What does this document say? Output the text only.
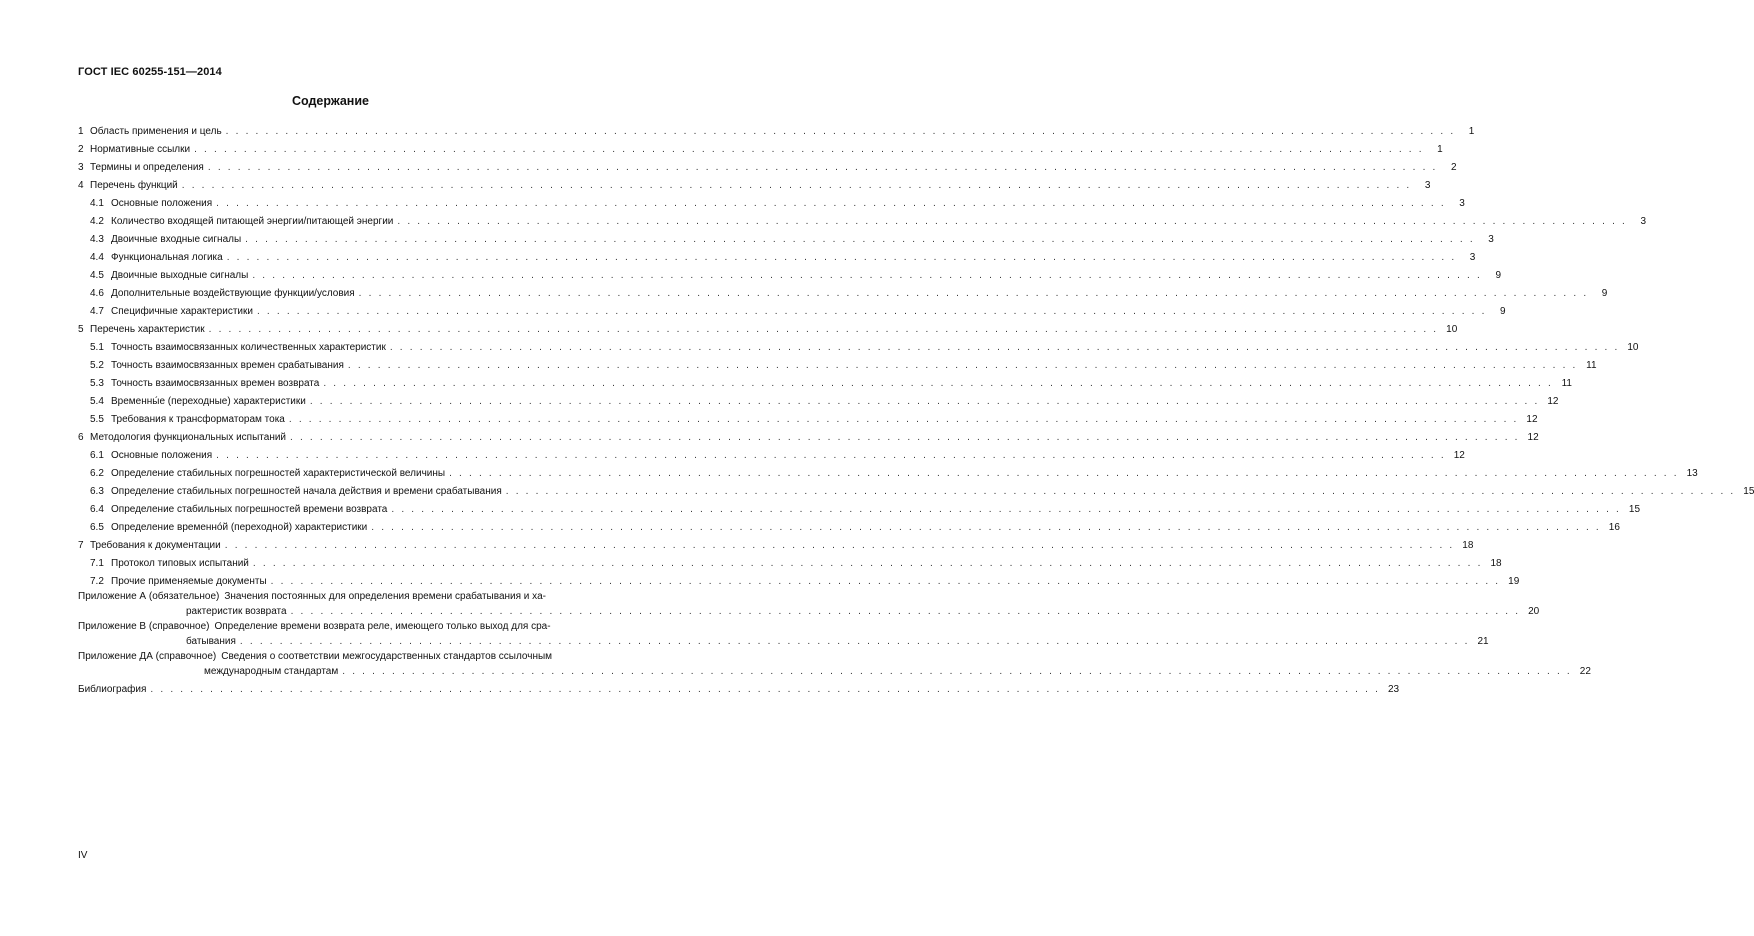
ГОСТ IEC 60255-151—2014
Содержание
1 Область применения и цель . . . . . . . . . . . . . . . . . . . . . . . . . . . . . . . . . . . . . . . . . . . . . . . . . . . . . . . . . . . . . . . . . . . . . . . . . . . . . . . . . . . . . . . . . . . . . . . . . . . . . . . . . . . . . . . . . . . . . . . . . . . .	1
2 Нормативные ссылки . . . . . . . . . . . . . . . . . . . . . . . . . . . . . . . . . . . . . . . . . . . . . . . . . . . . . . . . . . . . . . . . . . . . . . . . . . . . . . . . . . . . . . . . . . . . . . . . . . . . . . . . . . . . . . . . . . . . . . . . . . . .	1
3 Термины и определения . . . . . . . . . . . . . . . . . . . . . . . . . . . . . . . . . . . . . . . . . . . . . . . . . . . . . . . . . . . . . . . . . . . . . . . . . . . . . . . . . . . . . . . . . . . . . . . . . . . . . . . . . . . . . . . . . . . . . . . . . . . .	2
4 Перечень функций . . . . . . . . . . . . . . . . . . . . . . . . . . . . . . . . . . . . . . . . . . . . . . . . . . . . . . . . . . . . . . . . . . . . . . . . . . . . . . . . . . . . . . . . . . . . . . . . . . . . . . . . . . . . . . . . . . . . . . . . . . . .	3
4.1 Основные положения . . . . . . . . . . . . . . . . . . . . . . . . . . . . . . . . . . . . . . . . . . . . . . . . . . . . . . . . . . . . . . . . . . . . . . . . . . . . . . . . . . . . . . . . . . . . . . . . . . . . . . . . . . . . . . . . . . . . . . . . . . . .	3
4.2 Количество входящей питающей энергии/питающей энергии . . . . . . . . . . . . . . . . . . . . . . . . . . . . . . . . . . . . . . . . . . . . . . . . . . . . . . . . . . . . . . . . . . . . . . . . . . . . . . . . . . . . . . . . . . . . . . . . . . . . . . . . . . . . . . . . . . . . . . . . . . . .	3
4.3 Двоичные входные сигналы . . . . . . . . . . . . . . . . . . . . . . . . . . . . . . . . . . . . . . . . . . . . . . . . . . . . . . . . . . . . . . . . . . . . . . . . . . . . . . . . . . . . . . . . . . . . . . . . . . . . . . . . . . . . . . . . . . . . . . . . . . . .	3
4.4 Функциональная логика . . . . . . . . . . . . . . . . . . . . . . . . . . . . . . . . . . . . . . . . . . . . . . . . . . . . . . . . . . . . . . . . . . . . . . . . . . . . . . . . . . . . . . . . . . . . . . . . . . . . . . . . . . . . . . . . . . . . . . . . . . . .	3
4.5 Двоичные выходные сигналы . . . . . . . . . . . . . . . . . . . . . . . . . . . . . . . . . . . . . . . . . . . . . . . . . . . . . . . . . . . . . . . . . . . . . . . . . . . . . . . . . . . . . . . . . . . . . . . . . . . . . . . . . . . . . . . . . . . . . . . . . . . .	9
4.6 Дополнительные воздействующие функции/условия . . . . . . . . . . . . . . . . . . . . . . . . . . . . . . . . . . . . . . . . . . . . . . . . . . . . . . . . . . . . . . . . . . . . . . . . . . . . . . . . . . . . . . . . . . . . . . . . . . . . . . . . . . . . . . . . . . . . . . . . . . . .	9
4.7 Специфичные характеристики . . . . . . . . . . . . . . . . . . . . . . . . . . . . . . . . . . . . . . . . . . . . . . . . . . . . . . . . . . . . . . . . . . . . . . . . . . . . . . . . . . . . . . . . . . . . . . . . . . . . . . . . . . . . . . . . . . . . . . . . . . . .	9
5 Перечень характеристик . . . . . . . . . . . . . . . . . . . . . . . . . . . . . . . . . . . . . . . . . . . . . . . . . . . . . . . . . . . . . . . . . . . . . . . . . . . . . . . . . . . . . . . . . . . . . . . . . . . . . . . . . . . . . . . . . . . . . . . . . . . . 10
5.1 Точность взаимосвязанных количественных характеристик . . . . . . . . . . . . . . . . . . . . . . . . . . . . . . . . . . . . . . . . . . . . . . . . . . . . . . . . . . . . . . . . . . . . . . . . . . . . . . . . . . . . . . . . . . . . . . . . . . . . . . . . . . . . . . . . . . . . . . . . . . . . 10
5.2 Точность взаимосвязанных времен срабатывания . . . . . . . . . . . . . . . . . . . . . . . . . . . . . . . . . . . . . . . . . . . . . . . . . . . . . . . . . . . . . . . . . . . . . . . . . . . . . . . . . . . . . . . . . . . . . . . . . . . . . . . . . . . . . . . . . . . . . . . . . . . . 11
5.3 Точность взаимосвязанных времен возврата . . . . . . . . . . . . . . . . . . . . . . . . . . . . . . . . . . . . . . . . . . . . . . . . . . . . . . . . . . . . . . . . . . . . . . . . . . . . . . . . . . . . . . . . . . . . . . . . . . . . . . . . . . . . . . . . . . . . . . . . . . . . 11
5.4 Временны́е (переходные) характеристики . . . . . . . . . . . . . . . . . . . . . . . . . . . . . . . . . . . . . . . . . . . . . . . . . . . . . . . . . . . . . . . . . . . . . . . . . . . . . . . . . . . . . . . . . . . . . . . . . . . . . . . . . . . . . . . . . . . . . . . . . . . . 12
5.5 Требования к трансформаторам тока . . . . . . . . . . . . . . . . . . . . . . . . . . . . . . . . . . . . . . . . . . . . . . . . . . . . . . . . . . . . . . . . . . . . . . . . . . . . . . . . . . . . . . . . . . . . . . . . . . . . . . . . . . . . . . . . . . . . . . . . . . . . 12
6 Методология функциональных испытаний . . . . . . . . . . . . . . . . . . . . . . . . . . . . . . . . . . . . . . . . . . . . . . . . . . . . . . . . . . . . . . . . . . . . . . . . . . . . . . . . . . . . . . . . . . . . . . . . . . . . . . . . . . . . . . . . . . . . . . . . . . . . 12
6.1 Основные положения . . . . . . . . . . . . . . . . . . . . . . . . . . . . . . . . . . . . . . . . . . . . . . . . . . . . . . . . . . . . . . . . . . . . . . . . . . . . . . . . . . . . . . . . . . . . . . . . . . . . . . . . . . . . . . . . . . . . . . . . . . . . 12
6.2 Определение стабильных погрешностей характеристической величины . . . . . . . . . . . . . . . . . . . . . . . . . . . . . . . . . . . . . . . . . . . . . . . . . . . . . . . . . . . . . . . . . . . . . . . . . . . . . . . . . . . . . . . . . . . . . . . . . . . . . . . . . . . . . . . . . . . . . . . . . . . . 13
6.3 Определение стабильных погрешностей начала действия и времени срабатывания . . . . . . . . . . . . . . . . . . . . . . . . . . . . . . . . . . . . . . . . . . . . . . . . . . . . . . . . . . . . . . . . . . . . . . . . . . . . . . . . . . . . . . . . . . . . . . . . . . . . . . . . . . . . . . . . . . . . . . . . . . . . 15
6.4 Определение стабильных погрешностей времени возврата . . . . . . . . . . . . . . . . . . . . . . . . . . . . . . . . . . . . . . . . . . . . . . . . . . . . . . . . . . . . . . . . . . . . . . . . . . . . . . . . . . . . . . . . . . . . . . . . . . . . . . . . . . . . . . . . . . . . . . . . . . . . 15
6.5 Определение временно́й (переходной) характеристики . . . . . . . . . . . . . . . . . . . . . . . . . . . . . . . . . . . . . . . . . . . . . . . . . . . . . . . . . . . . . . . . . . . . . . . . . . . . . . . . . . . . . . . . . . . . . . . . . . . . . . . . . . . . . . . . . . . . . . . . . . . . 16
7 Требования к документации . . . . . . . . . . . . . . . . . . . . . . . . . . . . . . . . . . . . . . . . . . . . . . . . . . . . . . . . . . . . . . . . . . . . . . . . . . . . . . . . . . . . . . . . . . . . . . . . . . . . . . . . . . . . . . . . . . . . . . . . . . . . 18
7.1 Протокол типовых испытаний . . . . . . . . . . . . . . . . . . . . . . . . . . . . . . . . . . . . . . . . . . . . . . . . . . . . . . . . . . . . . . . . . . . . . . . . . . . . . . . . . . . . . . . . . . . . . . . . . . . . . . . . . . . . . . . . . . . . . . . . . . . . 18
7.2 Прочие применяемые документы . . . . . . . . . . . . . . . . . . . . . . . . . . . . . . . . . . . . . . . . . . . . . . . . . . . . . . . . . . . . . . . . . . . . . . . . . . . . . . . . . . . . . . . . . . . . . . . . . . . . . . . . . . . . . . . . . . . . . . . . . . . . 19
Приложение А (обязательное) Значения постоянных для определения времени срабатывания и ха-
рактеристик возврата . . . . . . . . . . . . . . . . . . . . . . . . . . . . . . . . . . . . . . . . . . . . . . . . . . . . . . . . . . . . . . . . . . . . . . . . . . . . . . . . . . . . . . . . . . . . . . . . . . . . . . . . . . . . . . . . . . . . . . . . . . . . 20
Приложение В (справочное) Определение времени возврата реле, имеющего только выход для сра-
батывания . . . . . . . . . . . . . . . . . . . . . . . . . . . . . . . . . . . . . . . . . . . . . . . . . . . . . . . . . . . . . . . . . . . . . . . . . . . . . . . . . . . . . . . . . . . . . . . . . . . . . . . . . . . . . . . . . . . . . . . . . . . . 21
Приложение ДА (справочное) Сведения о соответствии межгосударственных стандартов ссылочным
международным стандартам . . . . . . . . . . . . . . . . . . . . . . . . . . . . . . . . . . . . . . . . . . . . . . . . . . . . . . . . . . . . . . . . . . . . . . . . . . . . . . . . . . . . . . . . . . . . . . . . . . . . . . . . . . . . . . . . . . . . . . . . . . . . 22
Библиография . . . . . . . . . . . . . . . . . . . . . . . . . . . . . . . . . . . . . . . . . . . . . . . . . . . . . . . . . . . . . . . . . . . . . . . . . . . . . . . . . . . . . . . . . . . . . . . . . . . . . . . . . . . . . . . . . . . . . . . . . . . . 23
IV
